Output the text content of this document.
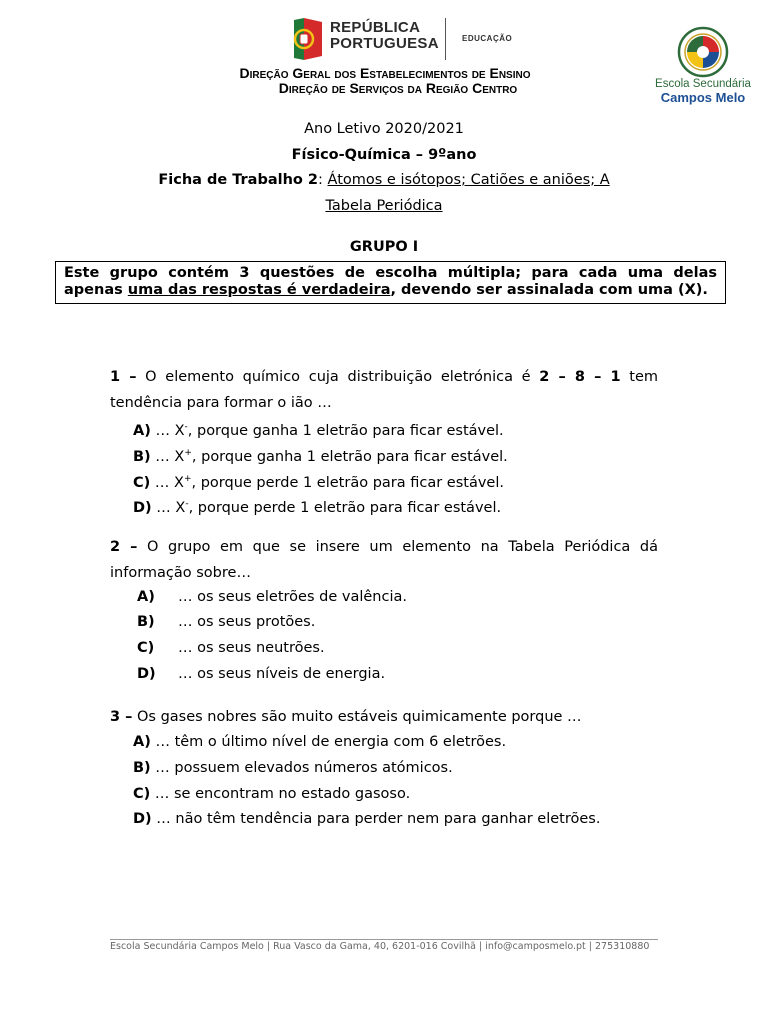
REPÚBLICA
PORTUGUESA	EDUCAÇÃO
Direção Geral dos Estabelecimentos de Ensino
Direção de Serviços da Região Centro	Escola Secundária
Campos Melo
Ano Letivo 2020/2021
Físico-Química – 9ºano
Ficha de Trabalho 2: Átomos e isótopos; Catiões e aniões; A
Tabela Periódica
GRUPO I
Este grupo contém 3 questões de escolha múltipla; para cada uma delas apenas uma das respostas é verdadeira, devendo ser assinalada com uma (X).
1 – O elemento químico cuja distribuição eletrónica é 2 – 8 – 1 tem tendência para formar o ião …
A) … X-, porque ganha 1 eletrão para ficar estável.
B) … X+, porque ganha 1 eletrão para ficar estável.
C) … X+, porque perde 1 eletrão para ficar estável.
D) … X-, porque perde 1 eletrão para ficar estável.
2 – O grupo em que se insere um elemento na Tabela Periódica dá informação sobre…
A) … os seus eletrões de valência.
B) … os seus protões.
C) … os seus neutrões.
D) … os seus níveis de energia.
3 – Os gases nobres são muito estáveis quimicamente porque …
A) … têm o último nível de energia com 6 eletrões.
B) … possuem elevados números atómicos.
C) … se encontram no estado gasoso.
D) … não têm tendência para perder nem para ganhar eletrões.
Escola Secundária Campos Melo | Rua Vasco da Gama, 40, 6201-016 Covilhã | info@camposmelo.pt | 275310880
